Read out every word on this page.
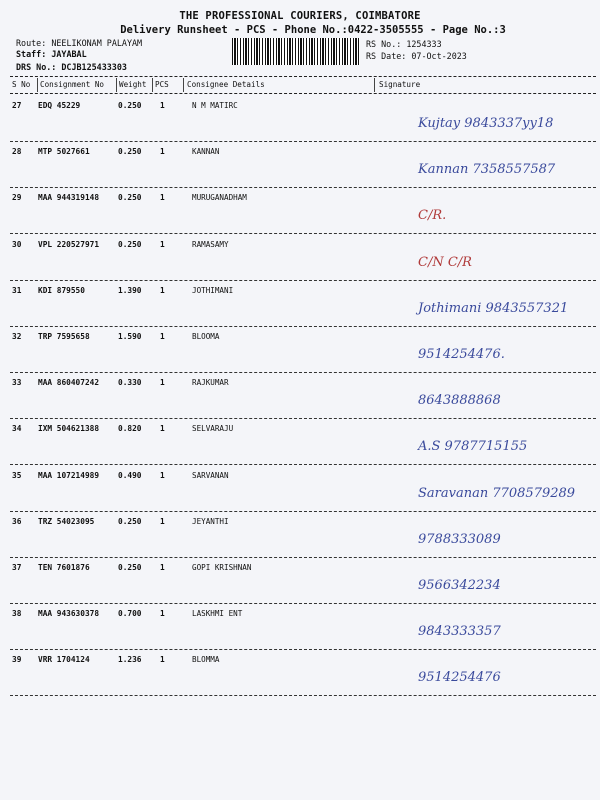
THE PROFESSIONAL COURIERS, COIMBATORE
Delivery Runsheet - PCS - Phone No.:0422-3505555 - Page No.:3
Route: NEELIKONAM PALAYAM
Staff: JAYABAL
DRS No.: DCJB125433303
RS No.: 1254333
RS Date: 07-Oct-2023
S No Consignment No Weight PCS Consignee Details	Signature
27 EDQ 45229	0.250 1	N M MATIRC
Kujtay 9843337yy18
28 MTP 5027661	0.250 1	KANNAN
Kannan 7358557587
29 MAA 944319148 0.250 1	MURUGANADHAM
C/R.
30 VPL 220527971 0.250 1	RAMASAMY
C/N C/R
31 KDI 879550	1.390 1	JOTHIMANI
Jothimani 9843557321
32 TRP 7595658	1.590 1	BLOOMA
9514254476.
33 MAA 860407242 0.330 1	RAJKUMAR
8643888868
34 IXM 504621388 0.820 1	SELVARAJU
A.S 9787715155
35 MAA 107214989 0.490 1	SARVANAN
Saravanan 7708579289
36 TRZ 54023095	0.250 1	JEYANTHI
9788333089
37 TEN 7601876	0.250 1	GOPI KRISHNAN
9566342234
38 MAA 943630378 0.700 1	LASKHMI ENT
9843333357
39 VRR 1704124	1.236 1	BLOMMA
9514254476
